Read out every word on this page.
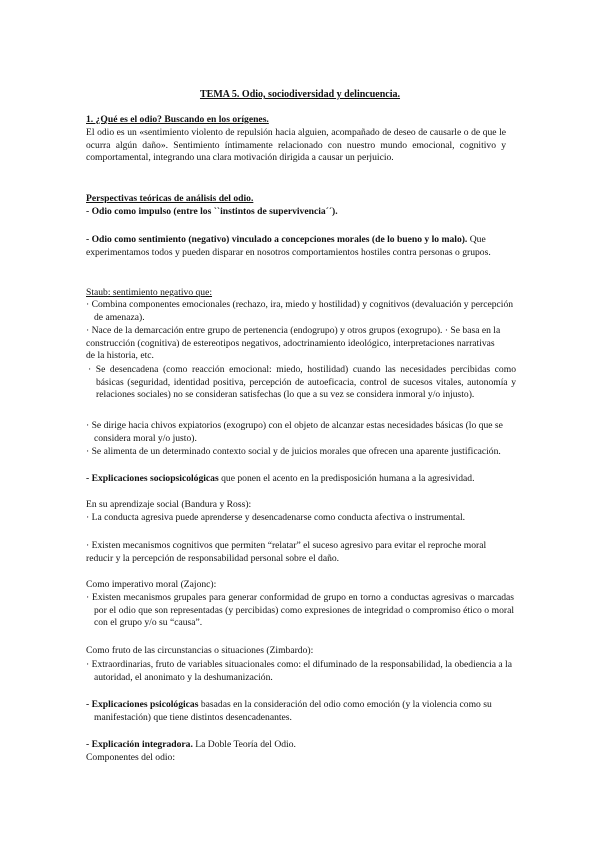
TEMA 5. Odio, sociodiversidad y delincuencia.

1. ¿Qué es el odio? Buscando en los orígenes.

El odio es un «sentimiento violento de repulsión hacia alguien, acompañado de deseo de causarle o de que le ocurra algún daño». Sentimiento íntimamente relacionado con nuestro mundo emocional, cognitivo y comportamental, integrando una clara motivación dirigida a causar un perjuicio.

Perspectivas teóricas de análisis del odio.

- Odio como impulso (entre los ``instintos de supervivencia´´).

- Odio como sentimiento (negativo) vinculado a concepciones morales (de lo bueno y lo malo). Que experimentamos todos y pueden disparar en nosotros comportamientos hostiles contra personas o grupos.

Staub: sentimiento negativo que:

· Combina componentes emocionales (rechazo, ira, miedo y hostilidad) y cognitivos (devaluación y percepción de amenaza).

· Nace de la demarcación entre grupo de pertenencia (endogrupo) y otros grupos (exogrupo). · Se basa en la construcción (cognitiva) de estereotipos negativos, adoctrinamiento ideológico, interpretaciones narrativas de la historia, etc.

· Se desencadena (como reacción emocional: miedo, hostilidad) cuando las necesidades percibidas como básicas (seguridad, identidad positiva, percepción de autoeficacia, control de sucesos vitales, autonomía y relaciones sociales) no se consideran satisfechas (lo que a su vez se considera inmoral y/o injusto).

· Se dirige hacia chivos expiatorios (exogrupo) con el objeto de alcanzar estas necesidades básicas (lo que se considera moral y/o justo).

· Se alimenta de un determinado contexto social y de juicios morales que ofrecen una aparente justificación.

- Explicaciones sociopsicológicas que ponen el acento en la predisposición humana a la agresividad.

En su aprendizaje social (Bandura y Ross):

· La conducta agresiva puede aprenderse y desencadenarse como conducta afectiva o instrumental.

· Existen mecanismos cognitivos que permiten “relatar” el suceso agresivo para evitar el reproche moral reducir y la percepción de responsabilidad personal sobre el daño.

Como imperativo moral (Zajonc):

· Existen mecanismos grupales para generar conformidad de grupo en torno a conductas agresivas o marcadas por el odio que son representadas (y percibidas) como expresiones de integridad o compromiso ético o moral con el grupo y/o su “causa”.

Como fruto de las circunstancias o situaciones (Zimbardo):

· Extraordinarias, fruto de variables situacionales como: el difuminado de la responsabilidad, la obediencia a la autoridad, el anonimato y la deshumanización.

- Explicaciones psicológicas basadas en la consideración del odio como emoción (y la violencia como su manifestación) que tiene distintos desencadenantes.

- Explicación integradora. La Doble Teoría del Odio.

Componentes del odio:
